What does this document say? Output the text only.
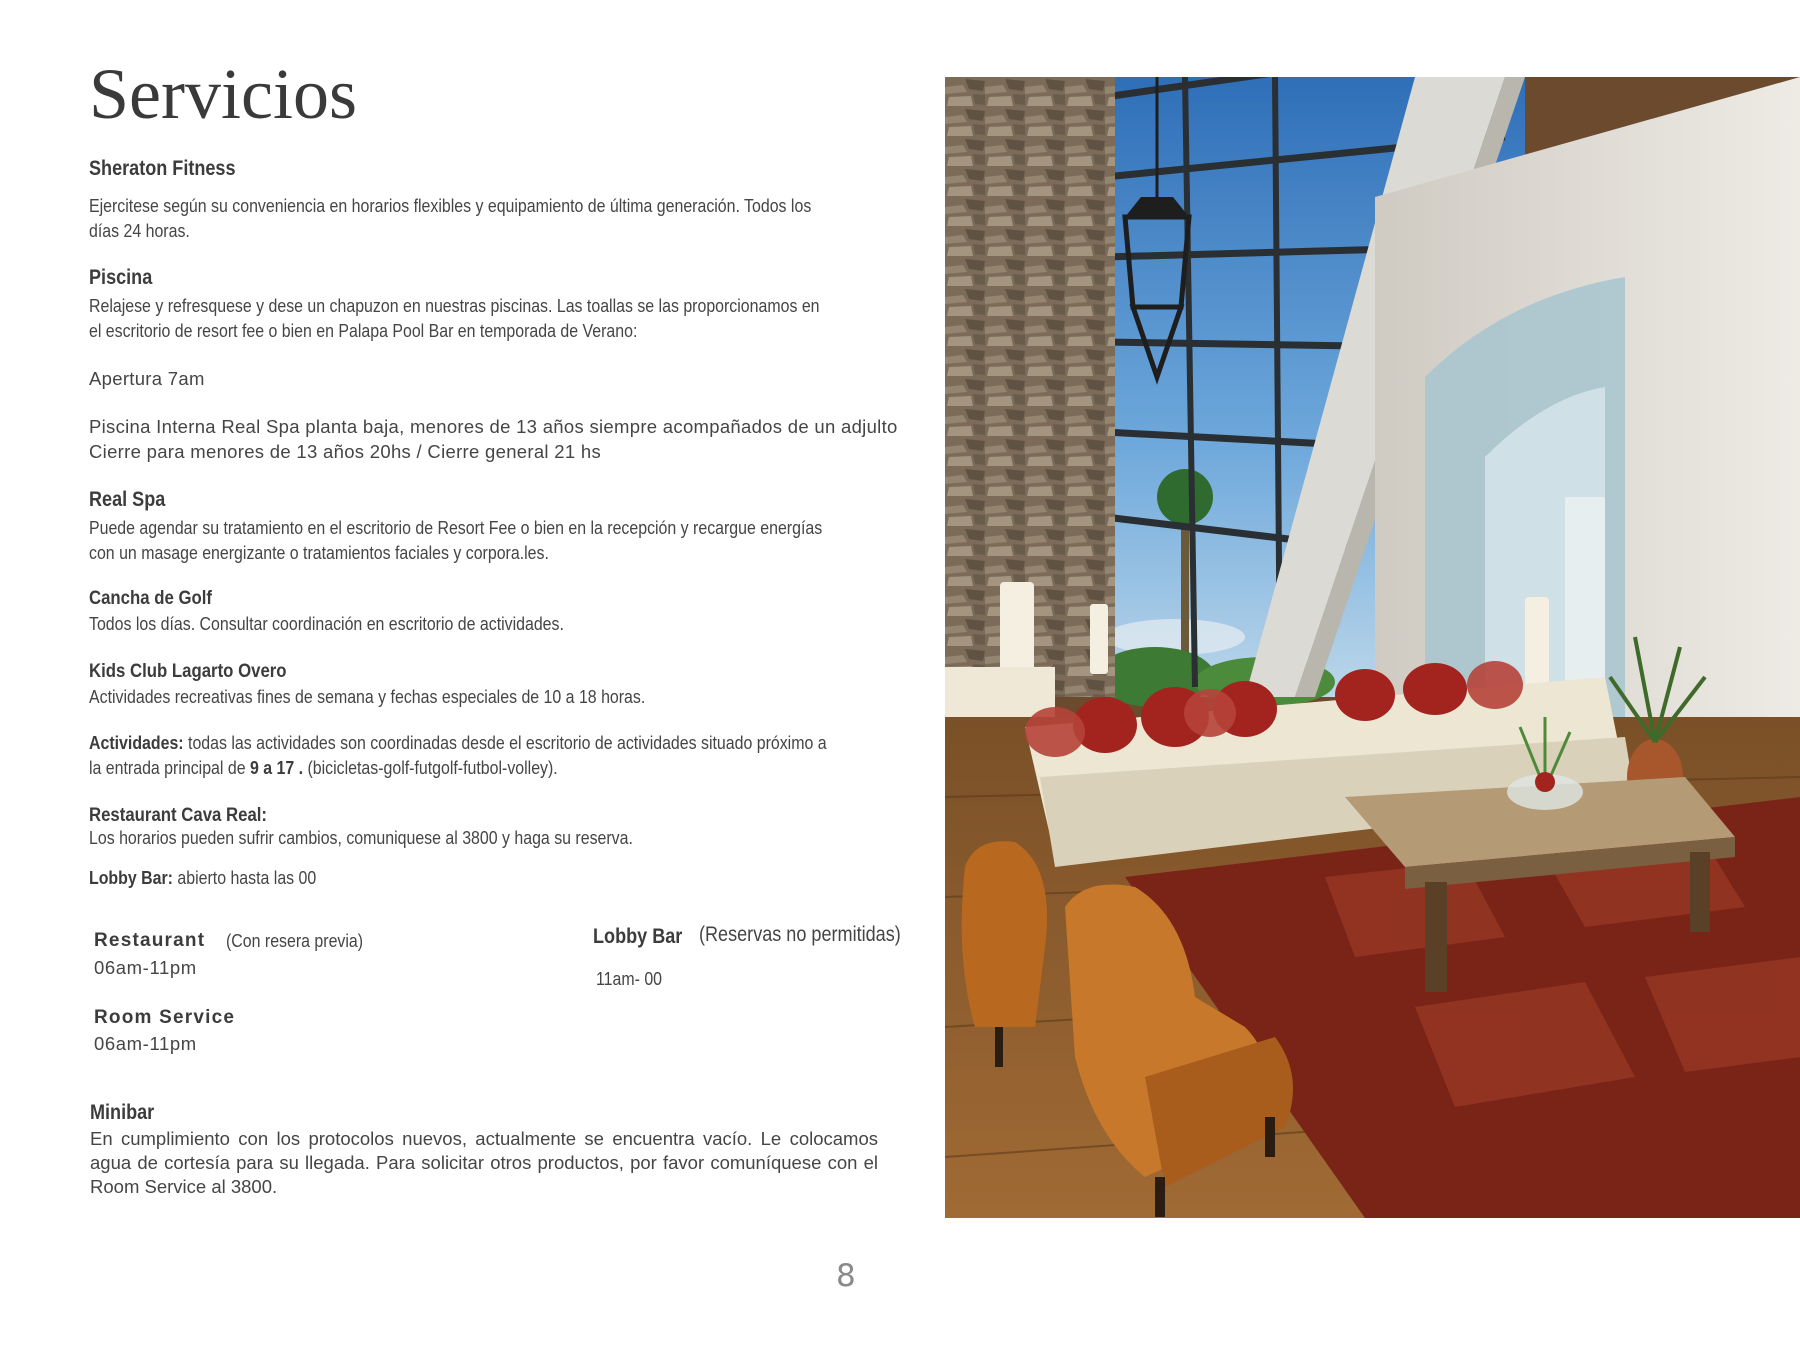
Servicios
Sheraton Fitness
Ejercitese según su conveniencia en horarios flexibles y equipamiento de última generación. Todos los
días 24 horas.
Piscina
Relajese y refresquese y dese un chapuzon en nuestras piscinas. Las toallas se las proporcionamos en
el escritorio de resort fee o bien en Palapa Pool Bar en temporada de Verano:
Apertura 7am
Piscina Interna Real Spa planta baja, menores de 13 años siempre acompañados de un adjulto
Cierre para menores de 13 años 20hs / Cierre general 21 hs
Real Spa
Puede agendar su tratamiento en el escritorio de Resort Fee o bien en la recepción y recargue energías
con un masage energizante o tratamientos faciales y corpora.les.
Cancha de Golf
Todos los días. Consultar coordinación en escritorio de actividades.
Kids Club Lagarto Overo
Actividades recreativas fines de semana y fechas especiales de 10 a 18 horas.
Actividades: todas las actividades son coordinadas desde el escritorio de actividades situado próximo a
la entrada principal de 9 a 17 . (bicicletas-golf-futgolf-futbol-volley).
Restaurant Cava Real:
Los horarios pueden sufrir cambios, comuniquese al 3800 y haga su reserva.
Lobby Bar: abierto hasta las 00
Restaurant (Con resera previa)
06am-11pm
Room Service
06am-11pm
Lobby Bar (Reservas no permitidas)
11am- 00
Minibar
En cumplimiento con los protocolos nuevos, actualmente se encuentra vacío. Le colocamos agua de cortesía para su llegada. Para solicitar otros productos, por favor comuníquese con el Room Service al 3800.
8
